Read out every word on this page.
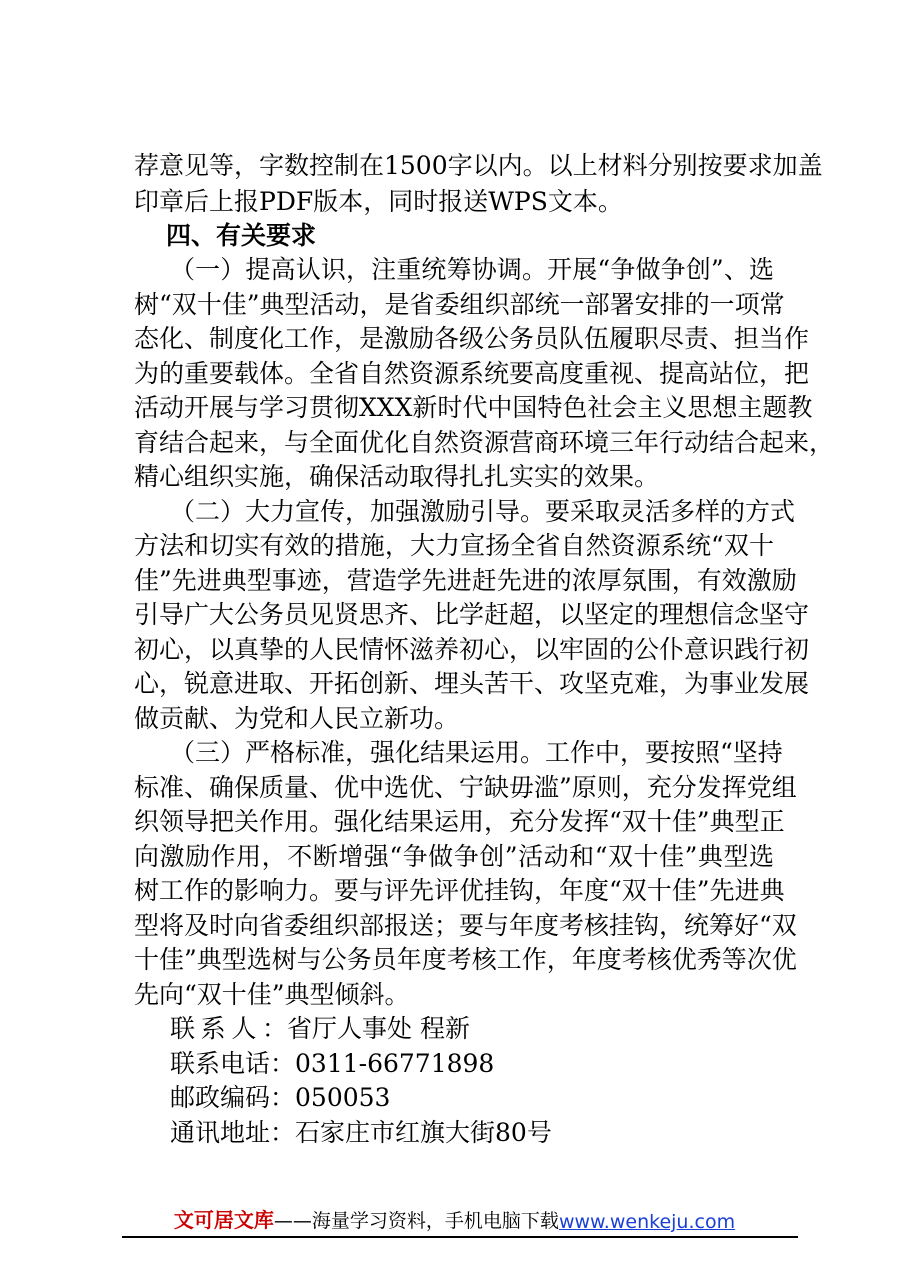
荐意见等，字数控制在1500字以内。以上材料分别按要求加盖

印章后上报PDF版本，同时报送WPS文本。

四、有关要求

（一）提高认识，注重统筹协调。开展“争做争创”、选

树“双十佳”典型活动，是省委组织部统一部署安排的一项常

态化、制度化工作，是激励各级公务员队伍履职尽责、担当作

为的重要载体。全省自然资源系统要高度重视、提高站位，把

活动开展与学习贯彻XXX新时代中国特色社会主义思想主题教

育结合起来，与全面优化自然资源营商环境三年行动结合起来，

精心组织实施，确保活动取得扎扎实实的效果。

（二）大力宣传，加强激励引导。要采取灵活多样的方式

方法和切实有效的措施，大力宣扬全省自然资源系统“双十

佳”先进典型事迹，营造学先进赶先进的浓厚氛围，有效激励

引导广大公务员见贤思齐、比学赶超，以坚定的理想信念坚守

初心，以真挚的人民情怀滋养初心，以牢固的公仆意识践行初

心，锐意进取、开拓创新、埋头苦干、攻坚克难，为事业发展

做贡献、为党和人民立新功。

（三）严格标准，强化结果运用。工作中，要按照“坚持

标准、确保质量、优中选优、宁缺毋滥”原则，充分发挥党组

织领导把关作用。强化结果运用，充分发挥“双十佳”典型正

向激励作用，不断增强“争做争创”活动和“双十佳”典型选

树工作的影响力。要与评先评优挂钩，年度“双十佳”先进典

型将及时向省委组织部报送；要与年度考核挂钩，统筹好“双

十佳”典型选树与公务员年度考核工作，年度考核优秀等次优

先向“双十佳”典型倾斜。

联系人： 省厅人事处 程新
联系电话： 0311-66771898
邮政编码： 050053
通讯地址： 石家庄市红旗大街80号
文可居文库 ——海量学习资料，手机电脑下载 www.wenkeju.com
